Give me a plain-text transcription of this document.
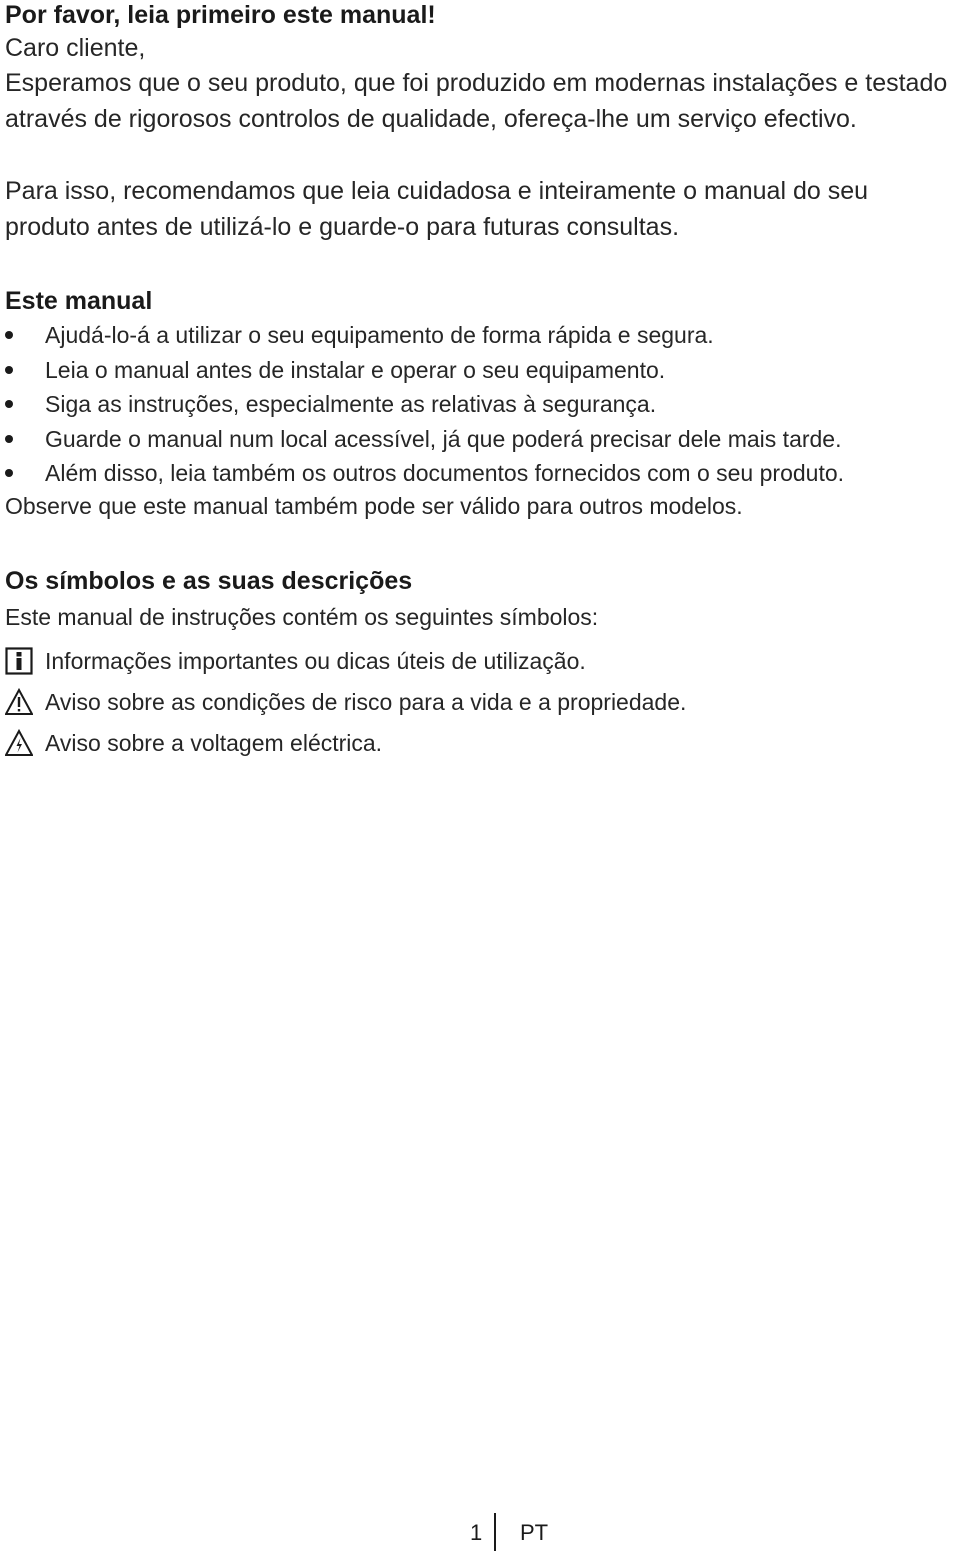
Por favor, leia primeiro este manual!

Caro cliente,

Esperamos que o seu produto, que foi produzido em modernas instalações e testado através de rigorosos controlos de qualidade, ofereça-lhe um serviço efectivo.

Para isso, recomendamos que leia cuidadosa e inteiramente o manual do seu produto antes de utilizá-lo e guarde-o para futuras consultas.

Este manual
Ajudá-lo-á a utilizar o seu equipamento de forma rápida e segura.
Leia o manual antes de instalar e operar o seu equipamento.
Siga as instruções, especialmente as relativas à segurança.
Guarde o manual num local acessível, já que poderá precisar dele mais tarde.
Além disso, leia também os outros documentos fornecidos com o seu produto.
Observe que este manual também pode ser válido para outros modelos.
Os símbolos e as suas descrições
Este manual de instruções contém os seguintes símbolos:
Informações importantes ou dicas úteis de utilização.
Aviso sobre as condições de risco para a vida e a propriedade.
Aviso sobre a voltagem eléctrica.
1 PT
